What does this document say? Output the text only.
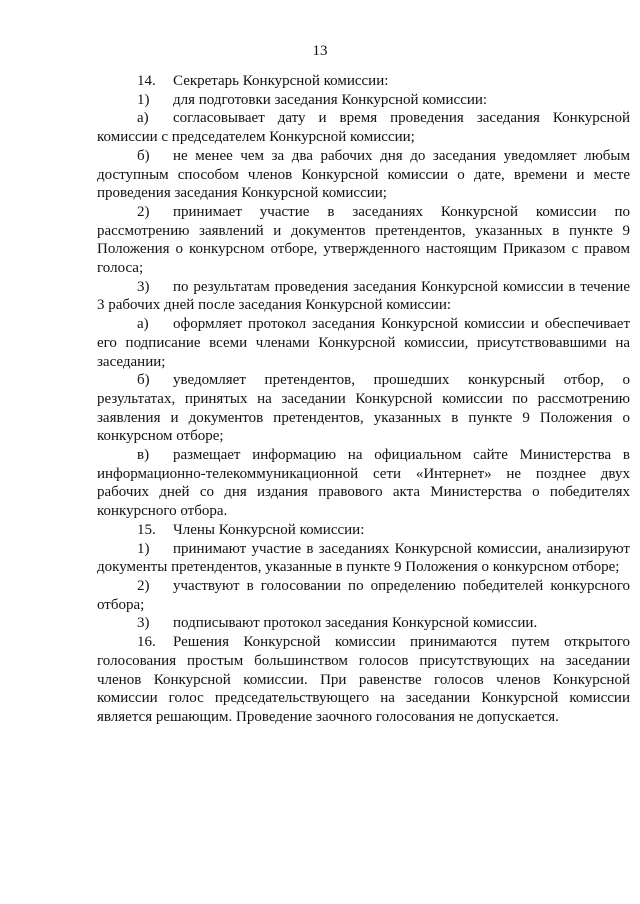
13

14. Секретарь Конкурсной комиссии:

1) для подготовки заседания Конкурсной комиссии:

а) согласовывает дату и время проведения заседания Конкурсной комиссии с председателем Конкурсной комиссии;

б) не менее чем за два рабочих дня до заседания уведомляет любым доступным способом членов Конкурсной комиссии о дате, времени и месте проведения заседания Конкурсной комиссии;

2) принимает участие в заседаниях Конкурсной комиссии по рассмотрению заявлений и документов претендентов, указанных в пункте 9 Положения о конкурсном отборе, утвержденного настоящим Приказом с правом голоса;

3) по результатам проведения заседания Конкурсной комиссии в течение 3 рабочих дней после заседания Конкурсной комиссии:

а) оформляет протокол заседания Конкурсной комиссии и обеспечивает его подписание всеми членами Конкурсной комиссии, присутствовавшими на заседании;

б) уведомляет претендентов, прошедших конкурсный отбор, о результатах, принятых на заседании Конкурсной комиссии по рассмотрению заявления и документов претендентов, указанных в пункте 9 Положения о конкурсном отборе;

в) размещает информацию на официальном сайте Министерства в информационно-телекоммуникационной сети «Интернет» не позднее двух рабочих дней со дня издания правового акта Министерства о победителях конкурсного отбора.

15. Члены Конкурсной комиссии:

1) принимают участие в заседаниях Конкурсной комиссии, анализируют документы претендентов, указанные в пункте 9 Положения о конкурсном отборе;

2) участвуют в голосовании по определению победителей конкурсного отбора;

3) подписывают протокол заседания Конкурсной комиссии.

16. Решения Конкурсной комиссии принимаются путем открытого голосования простым большинством голосов присутствующих на заседании членов Конкурсной комиссии. При равенстве голосов членов Конкурсной комиссии голос председательствующего на заседании Конкурсной комиссии является решающим. Проведение заочного голосования не допускается.
